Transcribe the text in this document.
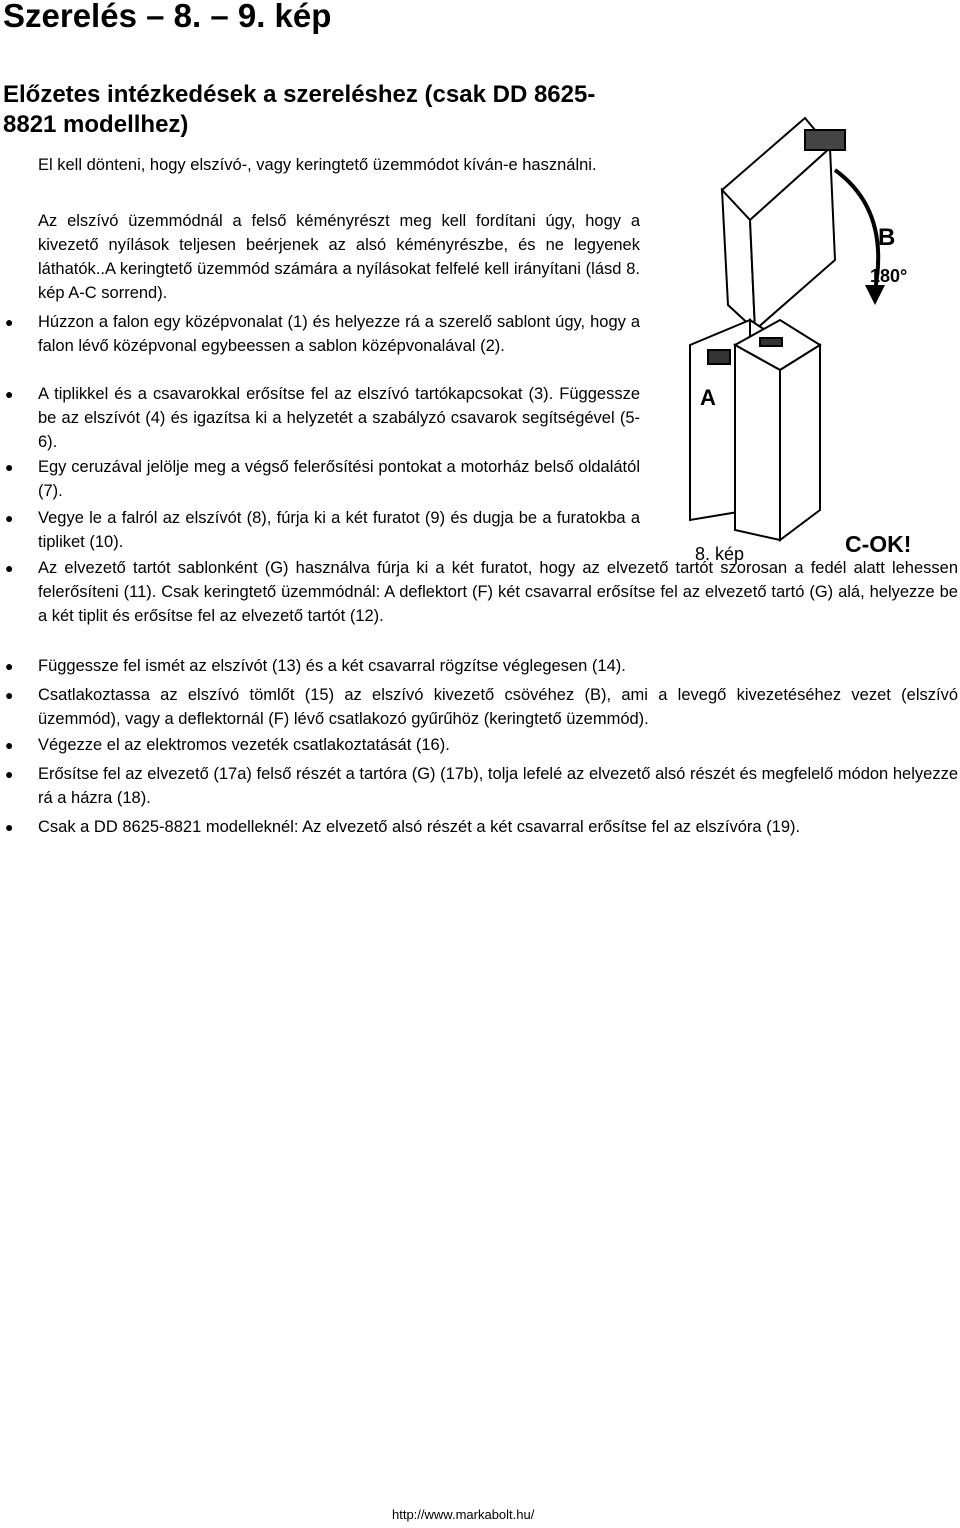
Szerelés – 8. – 9. kép
Előzetes intézkedések a szereléshez (csak DD 8625-8821 modellhez)

El kell dönteni, hogy elszívó-, vagy keringtető üzemmódot kíván-e használni.

Az elszívó üzemmódnál a felső kéményrészt meg kell fordítani úgy, hogy a kivezető nyílások teljesen beérjenek az alsó kéményrészbe, és ne legyenek láthatók..A keringtető üzemmód számára a nyílásokat felfelé kell irányítani (lásd 8. kép A-C sorrend).

● Húzzon a falon egy középvonalat (1) és helyezze rá a szerelő sablont úgy, hogy a falon lévő középvonal egybeessen a sablon középvonalával (2).

● A tiplikkel és a csavarokkal erősítse fel az elszívó tartókapcsokat (3). Függessze be az elszívót (4) és igazítsa ki a helyzetét a szabályzó csavarok segítségével (5-6).

● Egy ceruzával jelölje meg a végső felerősítési pontokat a motorház belső oldalától (7).

● Vegye le a falról az elszívót (8), fúrja ki a két furatot (9) és dugja be a furatokba a tipliket (10).

● Az elvezető tartót sablonként (G) használva fúrja ki a két furatot, hogy az elvezető tartót szorosan a fedél alatt lehessen felerősíteni (11). Csak keringtető üzemmódnál: A deflektort (F) két csavarral erősítse fel az elvezető tartó (G) alá, helyezze be a két tiplit és erősítse fel az elvezető tartót (12).

● Függessze fel ismét az elszívót (13) és a két csavarral rögzítse véglegesen (14).

● Csatlakoztassa az elszívó tömlőt (15) az elszívó kivezető csövéhez (B), ami a levegő kivezetéséhez vezet (elszívó üzemmód), vagy a deflektornál (F) lévő csatlakozó gyűrűhöz (keringtető üzemmód).

● Végezze el az elektromos vezeték csatlakoztatását (16).

● Erősítse fel az elvezető (17a) felső részét a tartóra (G) (17b), tolja lefelé az elvezető alsó részét és megfelelő módon helyezze rá a házra (18).

● Csak a DD 8625-8821 modelleknél: Az elvezető alsó részét a két csavarral erősítse fel az elszívóra (19).

A
B
180°
C-OK!
8. kép
http://www.markabolt.hu/
